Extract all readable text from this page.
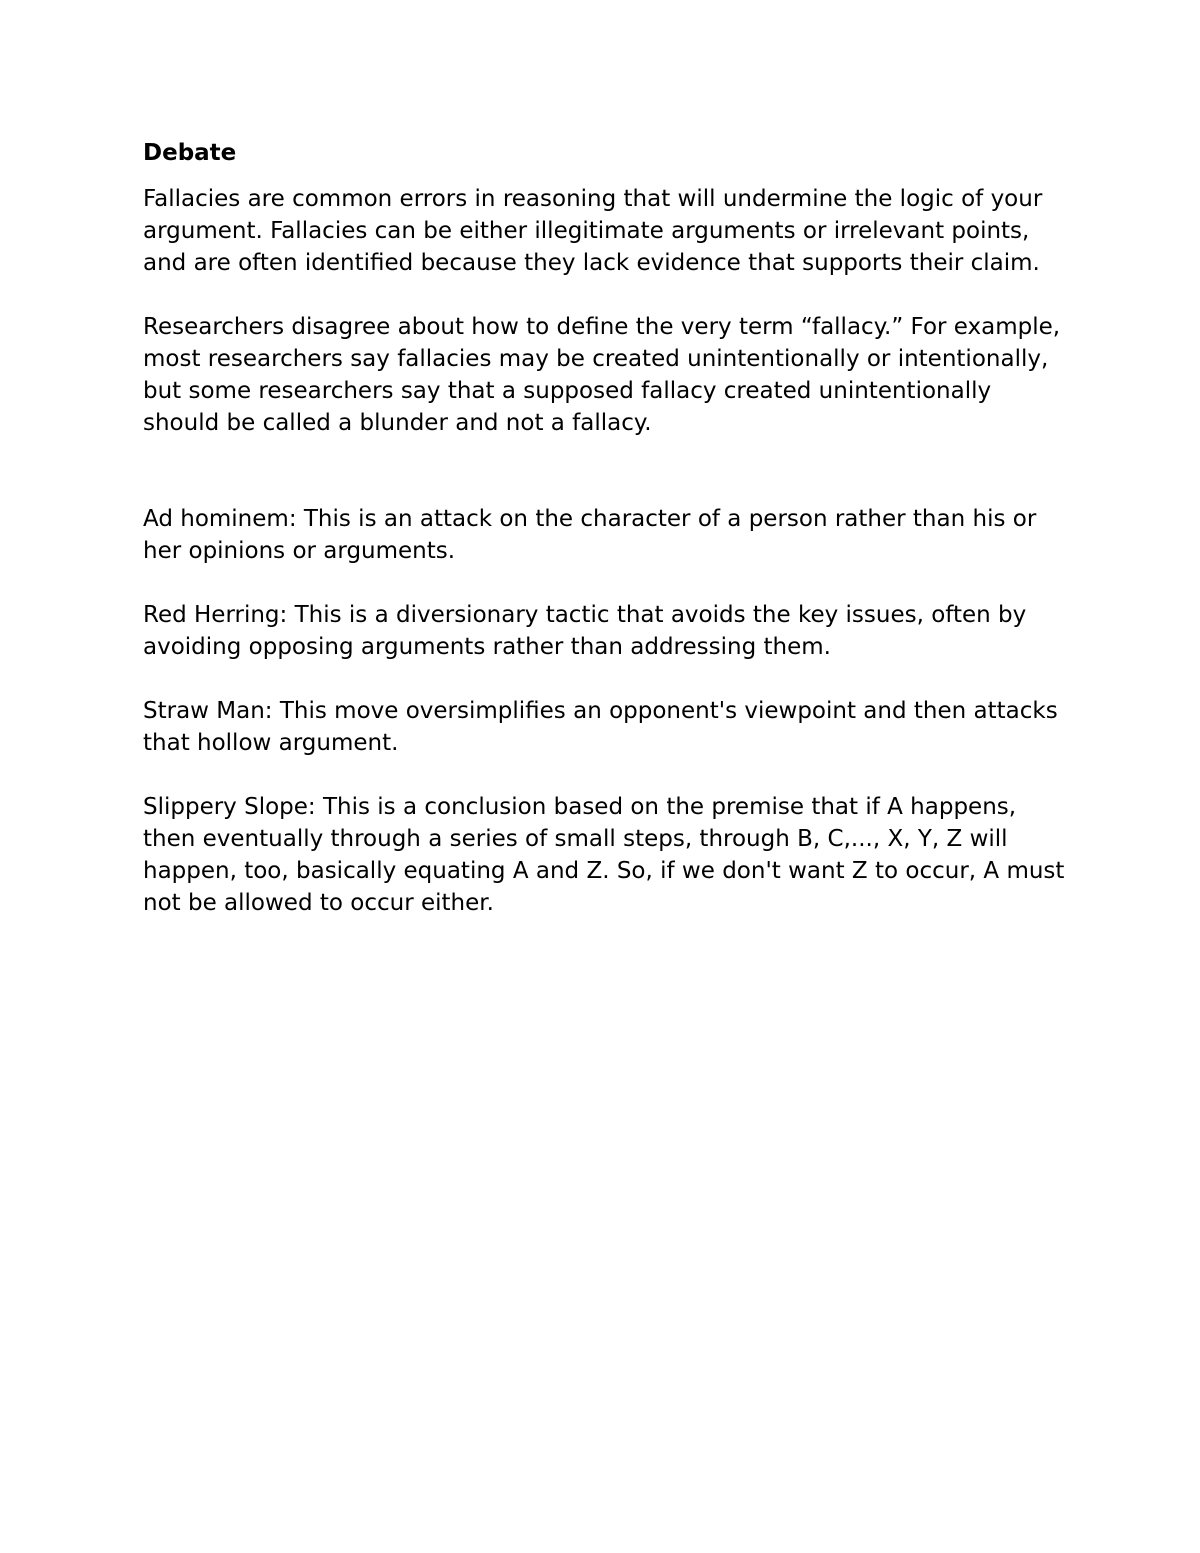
Debate

Fallacies are common errors in reasoning that will undermine the logic of your argument. Fallacies can be either illegitimate arguments or irrelevant points, and are often identified because they lack evidence that supports their claim.

Researchers disagree about how to define the very term “fallacy.” For example, most researchers say fallacies may be created unintentionally or intentionally, but some researchers say that a supposed fallacy created unintentionally should be called a blunder and not a fallacy.

Ad hominem: This is an attack on the character of a person rather than his or her opinions or arguments.

Red Herring: This is a diversionary tactic that avoids the key issues, often by avoiding opposing arguments rather than addressing them.

Straw Man: This move oversimplifies an opponent's viewpoint and then attacks that hollow argument.

Slippery Slope: This is a conclusion based on the premise that if A happens, then eventually through a series of small steps, through B, C,..., X, Y, Z will happen, too, basically equating A and Z. So, if we don't want Z to occur, A must not be allowed to occur either.
